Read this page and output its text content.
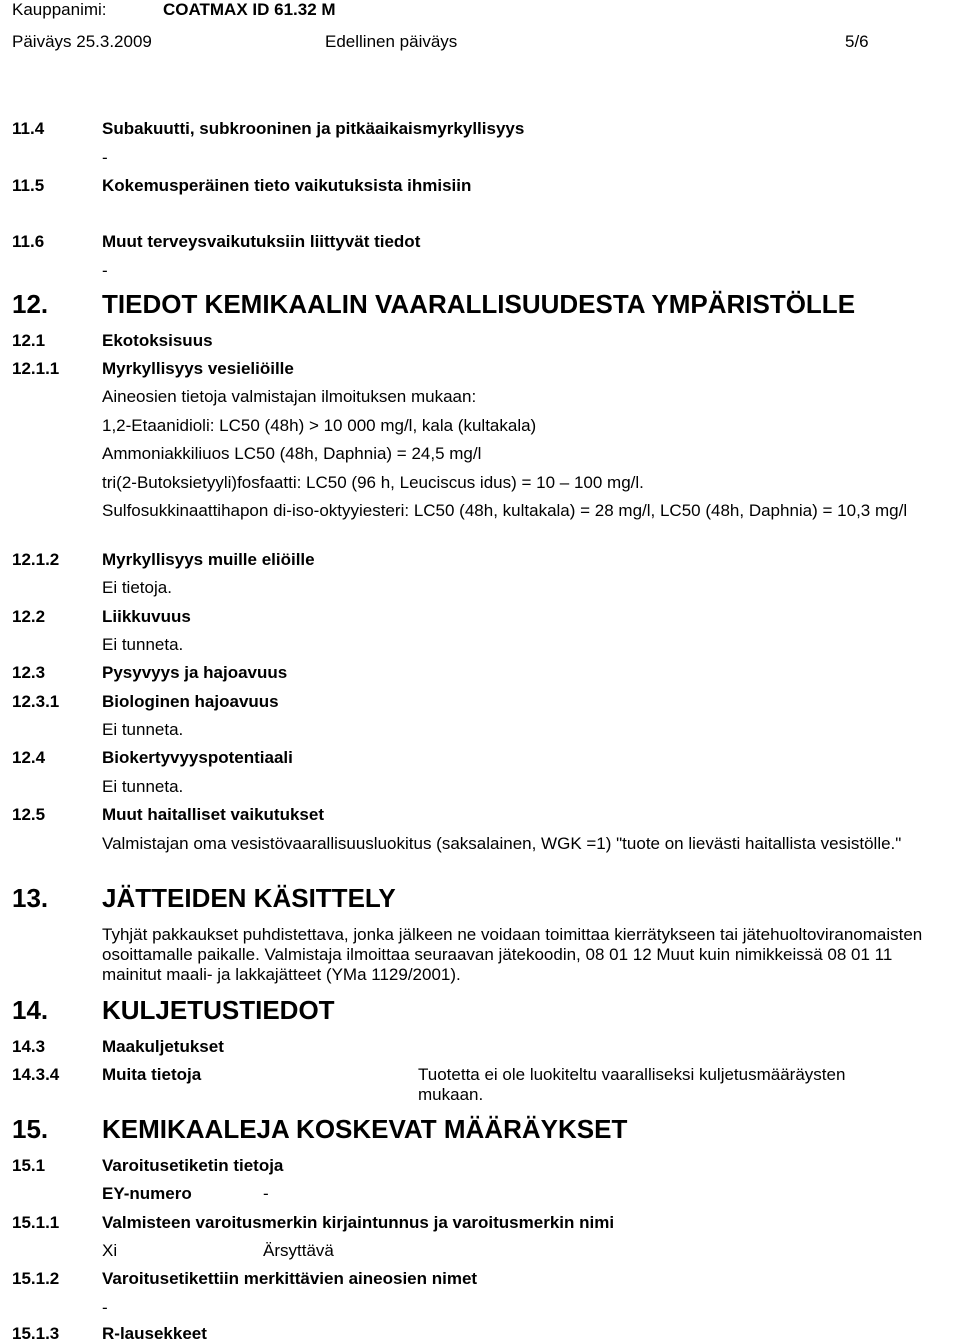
Kauppanimi:	COATMAX ID 61.32 M
Päiväys 25.3.2009	Edellinen päiväys	5/6
11.4	Subakuutti, subkrooninen ja pitkäaikaismyrkyllisyys
-
11.5	Kokemusperäinen tieto vaikutuksista ihmisiin
11.6	Muut terveysvaikutuksiin liittyvät tiedot
-
12. TIEDOT KEMIKAALIN VAARALLISUUDESTA YMPÄRISTÖLLE
12.1	Ekotoksisuus
12.1.1	Myrkyllisyys vesieliöille
Aineosien tietoja valmistajan ilmoituksen mukaan:
1,2-Etaanidioli: LC50 (48h) > 10 000 mg/l, kala (kultakala)
Ammoniakkiliuos LC50 (48h, Daphnia) = 24,5 mg/l
tri(2-Butoksietyyli)fosfaatti: LC50 (96 h, Leuciscus idus) = 10 – 100 mg/l.
Sulfosukkinaattihapon di-iso-oktyyiesteri: LC50 (48h, kultakala) = 28 mg/l, LC50 (48h, Daphnia) = 10,3 mg/l
12.1.2	Myrkyllisyys muille eliöille
Ei tietoja.
12.2	Liikkuvuus
Ei tunneta.
12.3	Pysyvyys ja hajoavuus
12.3.1	Biologinen hajoavuus
Ei tunneta.
12.4	Biokertyvyyspotentiaali
Ei tunneta.
12.5	Muut haitalliset vaikutukset
Valmistajan oma vesistövaarallisuusluokitus (saksalainen, WGK =1) "tuote on lievästi haitallista vesistölle."
13. JÄTTEIDEN KÄSITTELY
Tyhjät pakkaukset puhdistettava, jonka jälkeen ne voidaan toimittaa kierrätykseen tai jätehuoltoviranomaisten osoittamalle paikalle. Valmistaja ilmoittaa seuraavan jätekoodin, 08 01 12 Muut kuin nimikkeissä 08 01 11 mainitut maali- ja lakkajätteet (YMa 1129/2001).
14. KULJETUSTIEDOT
14.3	Maakuljetukset
14.3.4	Muita tietoja	Tuotetta ei ole luokiteltu vaaralliseksi kuljetusmääräysten mukaan.
15. KEMIKAALEJA KOSKEVAT MÄÄRÄYKSET
15.1	Varoitusetiketin tietoja
EY-numero	-
15.1.1	Valmisteen varoitusmerkin kirjaintunnus ja varoitusmerkin nimi
Xi	Ärsyttävä
15.1.2	Varoitusetikettiin merkittävien aineosien nimet
-
15.1.3	R-lausekkeet
